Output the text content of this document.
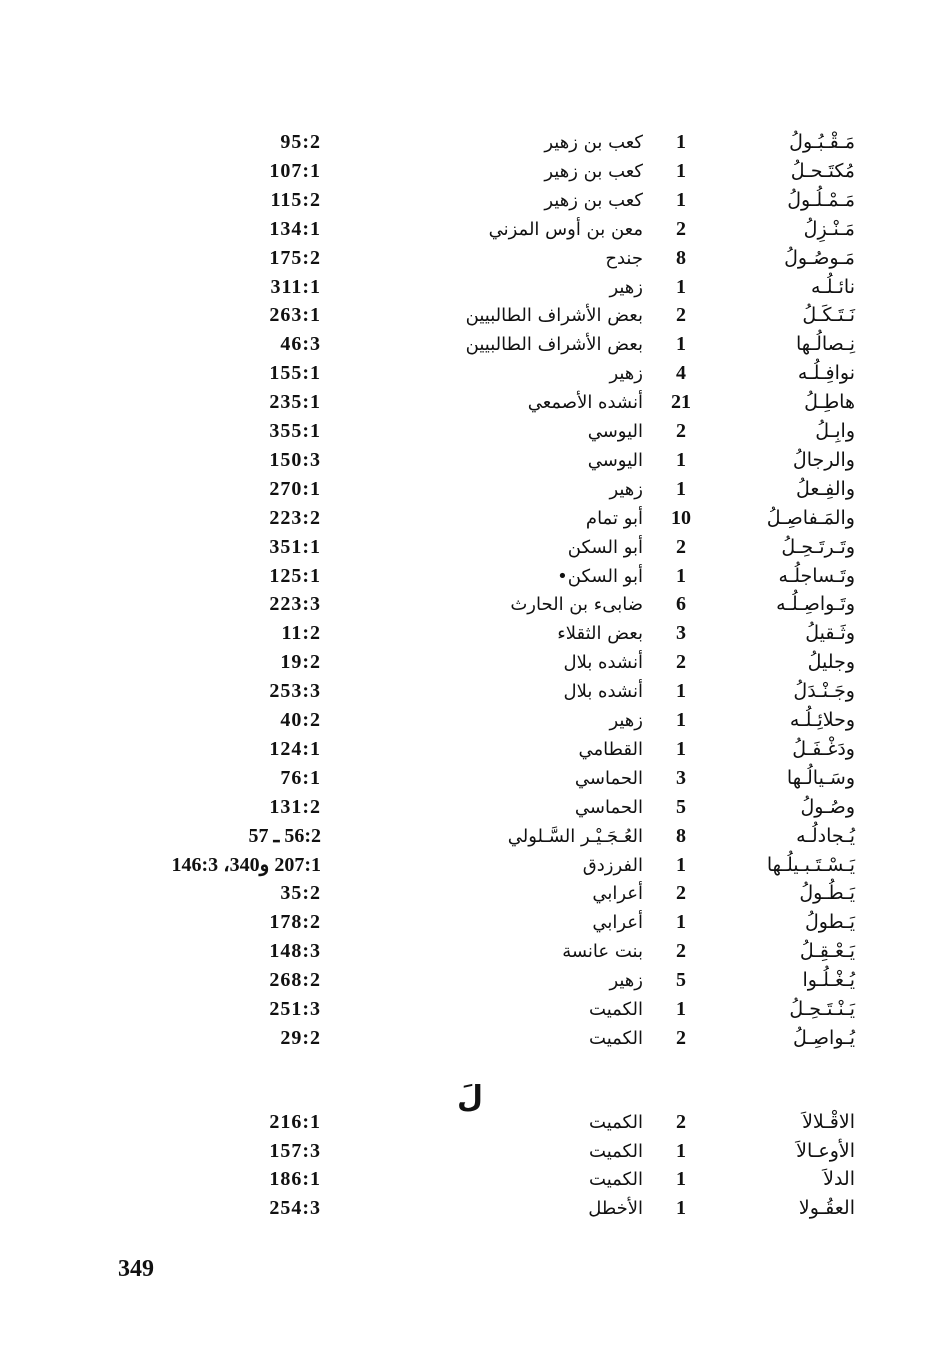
مَـقْـبُـولُ
1
كعب بن زهير
95:2
مُكتَـحـلُ
1
كعب بن زهير
107:1
مَـمْـلُـولُ
1
كعب بن زهير
115:2
مَـنْـزِلُ
2
معن بن أوس المزني
134:1
مَـوصُـولُ
8
جندح
175:2
نائـلُـه
1
زهير
311:1
نَـتَـكَـلُ
2
بعض الأشراف الطالبيين
263:1
نِـصالُـها
1
بعض الأشراف الطالبيين
46:3
نوافِـلُـه
4
زهير
155:1
هاطِـلُ
21
أنشده الأصمعي
235:1
وابِـلُ
2
اليوسي
355:1
والرجالُ
1
اليوسي
150:3
والفِـعلُ
1
زهير
270:1
والمَـفاصِـلُ
10
أبو تمام
223:2
وتَـرتَـحِـلُ
2
أبو السكن
351:1
وتَـساجلُـه
1
أبو السكن•
125:1
وتَـواصِـلُـه
6
ضابىء بن الحارث
223:3
وثَـقيلُ
3
بعض الثقلاء
11:2
وجليلُ
2
أنشده بلال
19:2
وجَـنْـدَلُ
1
أنشده بلال
253:3
وحلائِـلُـه
1
زهير
40:2
ودَغْـفَـلُ
1
القطامي
124:1
وسَـيالُـها
3
الحماسي
76:1
وصُـولُ
5
الحماسي
131:2
يُـجادلُـه
8
العُـجَـيْـر السَّـلولي
56:2 ـ 57
يَـسْـتَـبـيلُـها
1
الفرزدق
207:1 و340، 146:3
يَـطُـولُ
2
أعرابي
35:2
يَـطولُ
1
أعرابي
178:2
يَـعْـقِـلُ
2
بنت عانسة
148:3
يُـغْـلُـوا
5
زهير
268:2
يَـنْـتَـحِـلُ
1
الكميت
251:3
يُـواصِـلُ
2
الكميت
29:2
لَ
الاقْـلالاَ
2
الكميت
216:1
الأوعـالاَ
1
الكميت
157:3
الدلاَ
1
الكميت
186:1
العقُـولا
1
الأخطل
254:3
349
